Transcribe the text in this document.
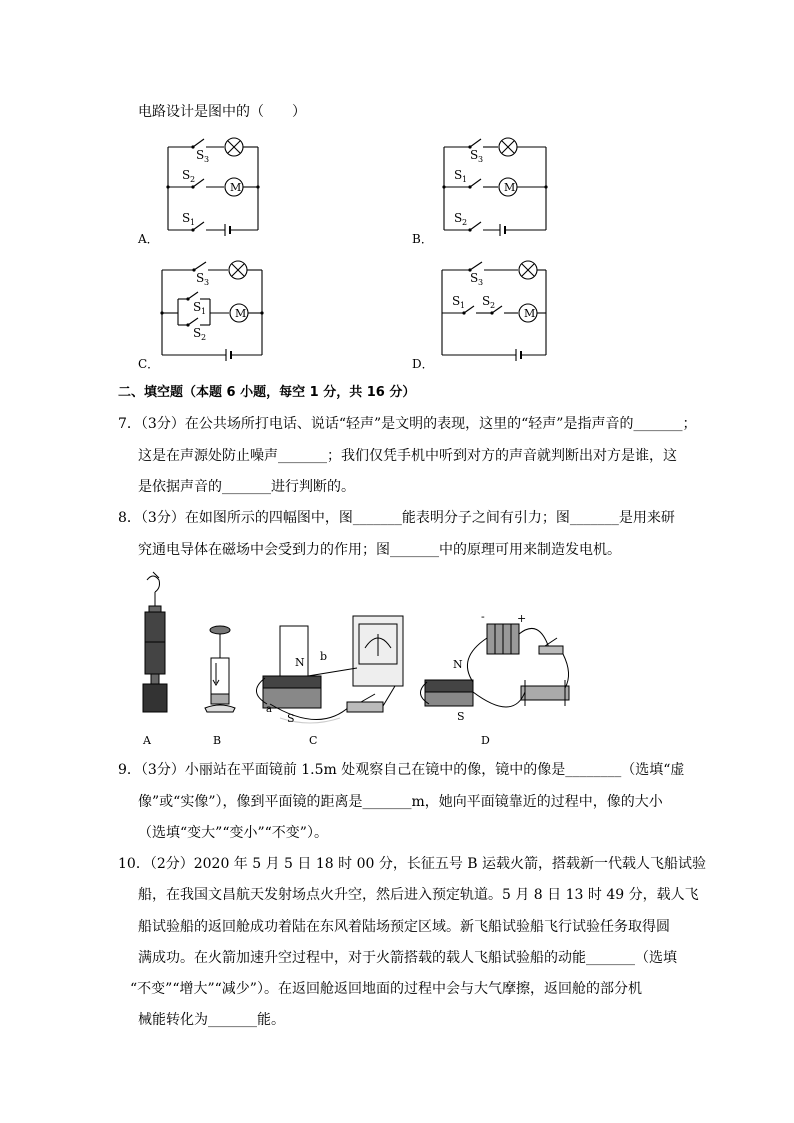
电路设计是图中的（　　）
M
S 3
S 2
S 1
A．
M
S 3
S 1
S 2
B．
M
S 3
S 1
S 2
C．
M
S 3
S 1 S 2
D．
二、填空题（本题 6 小题，每空 1 分，共 16 分）
7．（3分）在公共场所打电话、说话“轻声”是文明的表现，这里的“轻声”是指声音的_______；
这是在声源处防止噪声_______；我们仅凭手机中听到对方的声音就判断出对方是谁，这
是依据声音的_______进行判断的。
8．（3分）在如图所示的四幅图中，图_______能表明分子之间有引力；图_______是用来研
究通电导体在磁场中会受到力的作用；图_______中的原理可用来制造发电机。
A	B
N b
S
a
C
-	+
N
S
D
9．（3分）小丽站在平面镜前 1.5m 处观察自己在镜中的像，镜中的像是________（选填“虚
像”或“实像”），像到平面镜的距离是_______m，她向平面镜靠近的过程中，像的大小
（选填“变大”“变小”“不变”）。
10．（2分）2020 年 5 月 5 日 18 时 00 分，长征五号 B 运载火箭，搭载新一代载人飞船试验
船，在我国文昌航天发射场点火升空，然后进入预定轨道。5 月 8 日 13 时 49 分，载人飞
船试验船的返回舱成功着陆在东风着陆场预定区域。新飞船试验船飞行试验任务取得圆
满成功。在火箭加速升空过程中，对于火箭搭载的载人飞船试验船的动能_______（选填
“不变”“增大”“减少”）。在返回舱返回地面的过程中会与大气摩擦，返回舱的部分机
械能转化为_______能。
